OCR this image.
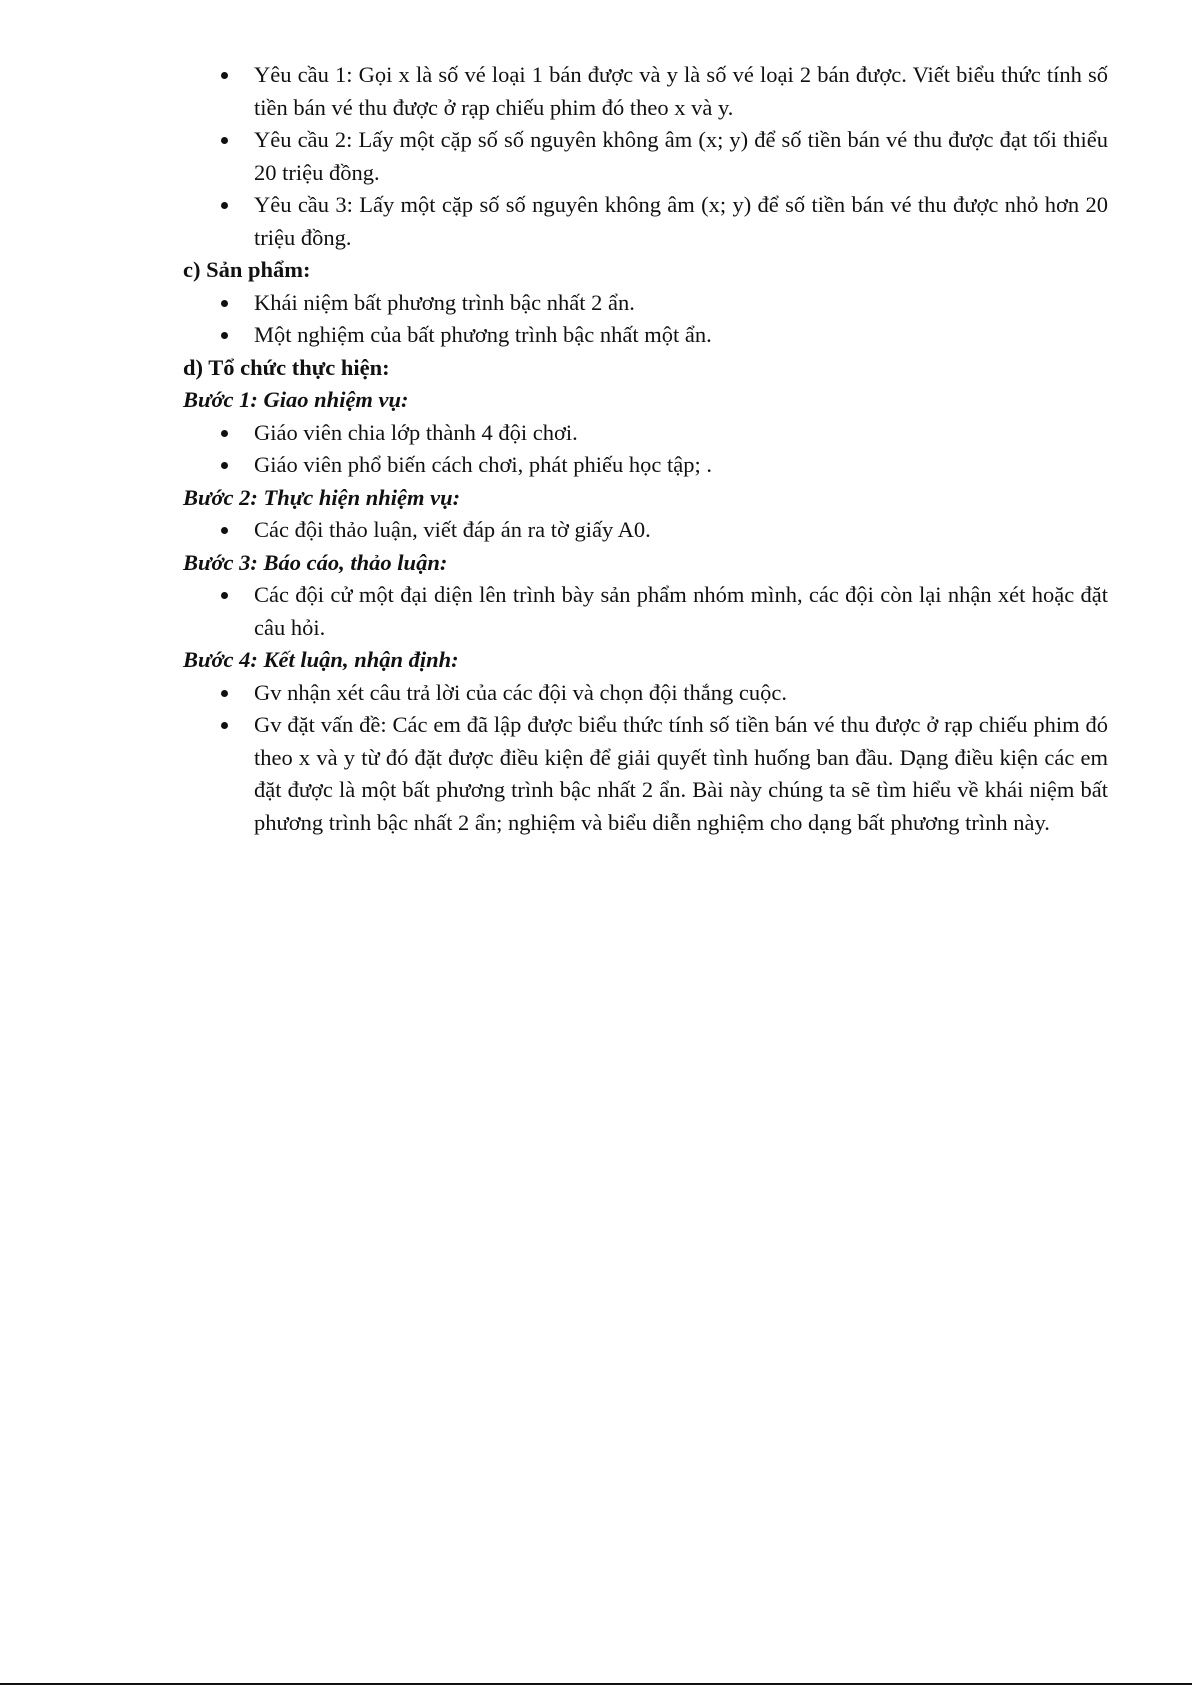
Yêu cầu 1: Gọi x là số vé loại 1 bán được và y là số vé loại 2 bán được. Viết biểu thức tính số tiền bán vé thu được ở rạp chiếu phim đó theo x và y.
Yêu cầu 2: Lấy một cặp số số nguyên không âm (x; y) để số tiền bán vé thu được đạt tối thiểu 20 triệu đồng.
Yêu cầu 3: Lấy một cặp số số nguyên không âm (x; y) để số tiền bán vé thu được nhỏ hơn 20 triệu đồng.
c) Sản phẩm:
Khái niệm bất phương trình bậc nhất 2 ẩn.
Một nghiệm của bất phương trình bậc nhất một ẩn.
d) Tổ chức thực hiện:
Bước 1: Giao nhiệm vụ:
Giáo viên chia lớp thành 4 đội chơi.
Giáo viên phổ biến cách chơi, phát phiếu học tập; .
Bước 2: Thực hiện nhiệm vụ:
Các đội thảo luận, viết đáp án ra tờ giấy A0.
Bước 3: Báo cáo, thảo luận:
Các đội cử một đại diện lên trình bày sản phẩm nhóm mình, các đội còn lại nhận xét hoặc đặt câu hỏi.
Bước 4: Kết luận, nhận định:
Gv nhận xét câu trả lời của các đội và chọn đội thắng cuộc.
Gv đặt vấn đề: Các em đã lập được biểu thức tính số tiền bán vé thu được ở rạp chiếu phim đó theo x và y từ đó đặt được điều kiện để giải quyết tình huống ban đầu. Dạng điều kiện các em đặt được là một bất phương trình bậc nhất 2 ẩn. Bài này chúng ta sẽ tìm hiểu về khái niệm bất phương trình bậc nhất 2 ẩn; nghiệm và biểu diễn nghiệm cho dạng bất phương trình này.
